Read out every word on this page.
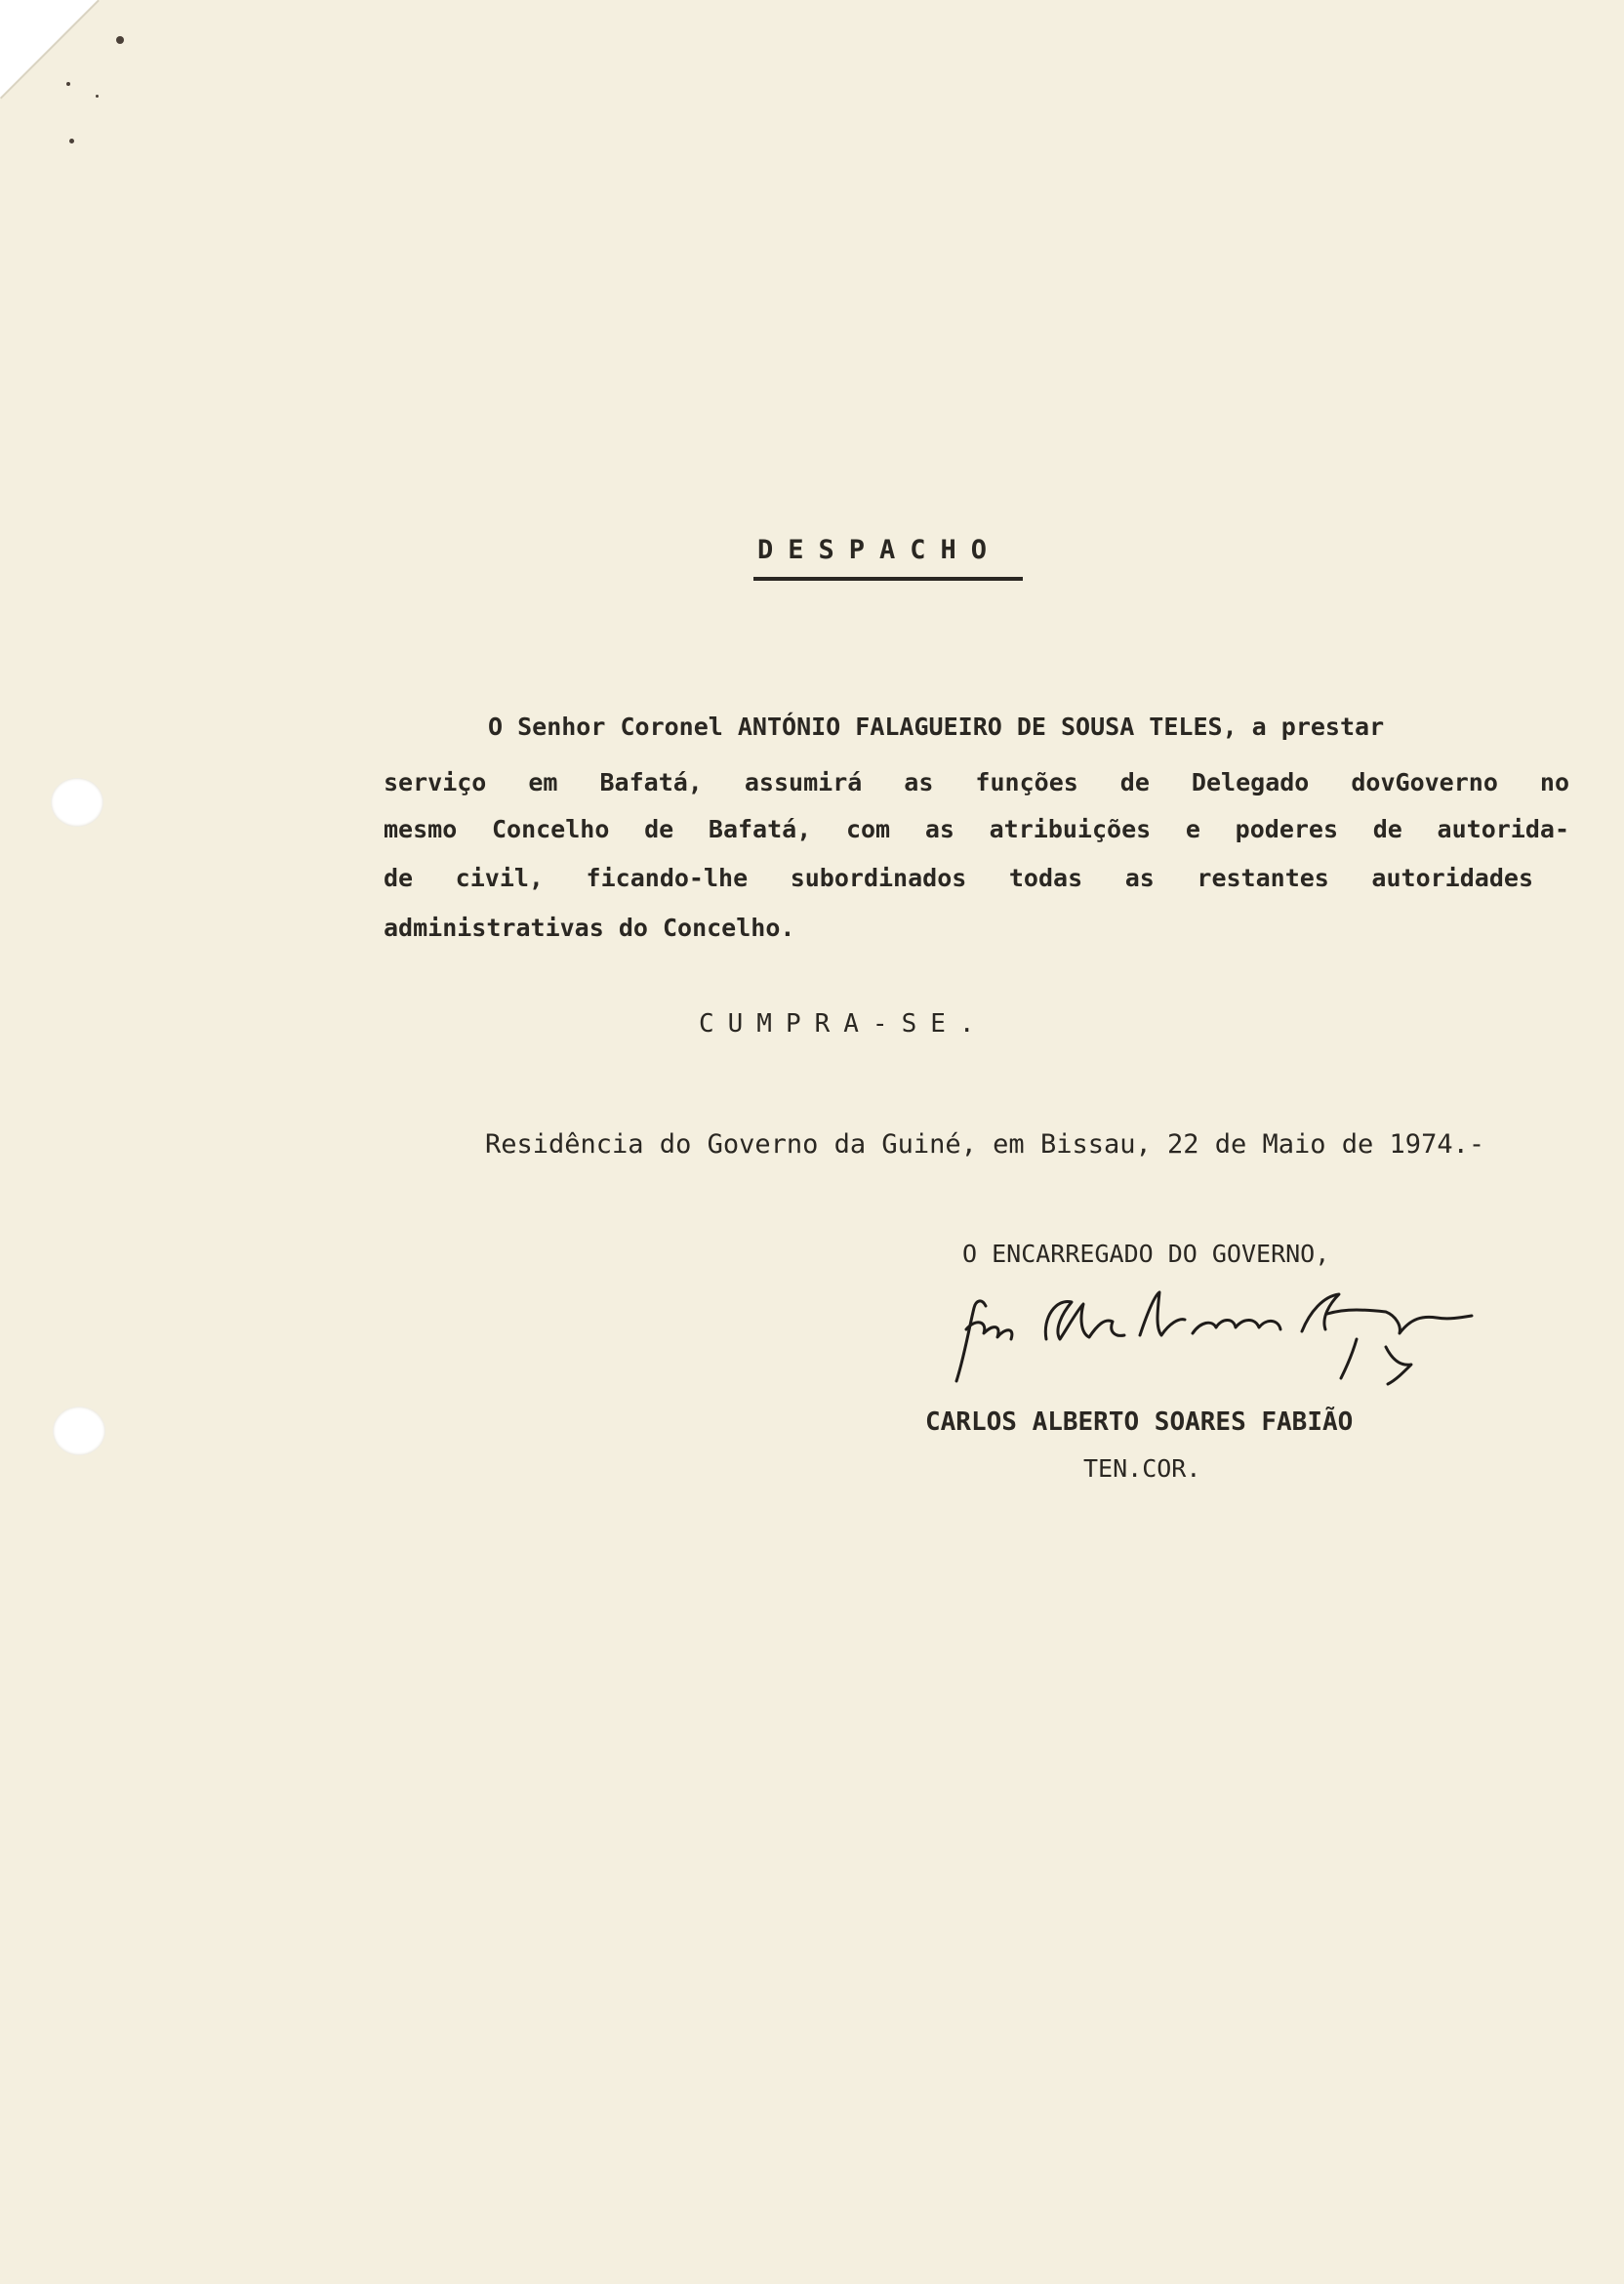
DESPACHO
O Senhor Coronel ANTÓNIO FALAGUEIRO DE SOUSA TELES, a prestar
serviço em Bafatá, assumirá as funções de Delegado dovGoverno no
mesmo Concelho de Bafatá, com as atribuições e poderes de autorida-
de civil, ficando-lhe subordinados todas as restantes autoridades
administrativas do Concelho.
CUMPRA-SE.
Residência do Governo da Guiné, em Bissau, 22 de Maio de 1974.-
O ENCARREGADO DO GOVERNO,
CARLOS ALBERTO SOARES FABIÃO
TEN.COR.
